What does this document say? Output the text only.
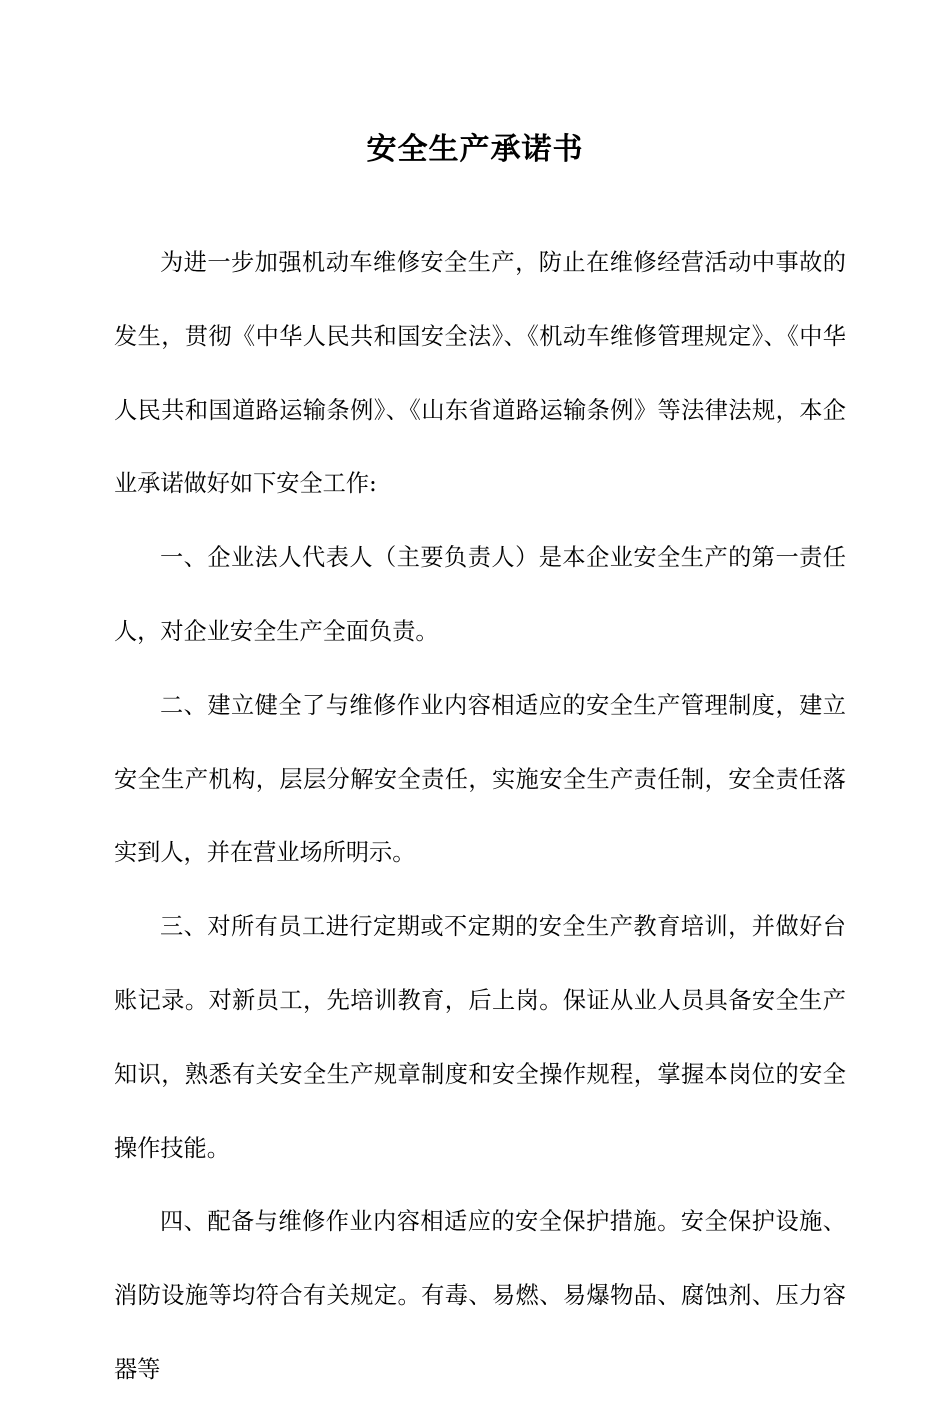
安全生产承诺书

为进一步加强机动车维修安全生产，防止在维修经营活动中事故的发生，贯彻《中华人民共和国安全法》、《机动车维修管理规定》、《中华人民共和国道路运输条例》、《山东省道路运输条例》等法律法规，本企业承诺做好如下安全工作:

一、企业法人代表人（主要负责人）是本企业安全生产的第一责任人，对企业安全生产全面负责。

二、建立健全了与维修作业内容相适应的安全生产管理制度，建立安全生产机构，层层分解安全责任，实施安全生产责任制，安全责任落实到人，并在营业场所明示。

三、对所有员工进行定期或不定期的安全生产教育培训，并做好台账记录。对新员工，先培训教育，后上岗。保证从业人员具备安全生产知识，熟悉有关安全生产规章制度和安全操作规程，掌握本岗位的安全操作技能。

四、配备与维修作业内容相适应的安全保护措施。安全保护设施、消防设施等均符合有关规定。有毒、易燃、易爆物品、腐蚀剂、压力容器等
